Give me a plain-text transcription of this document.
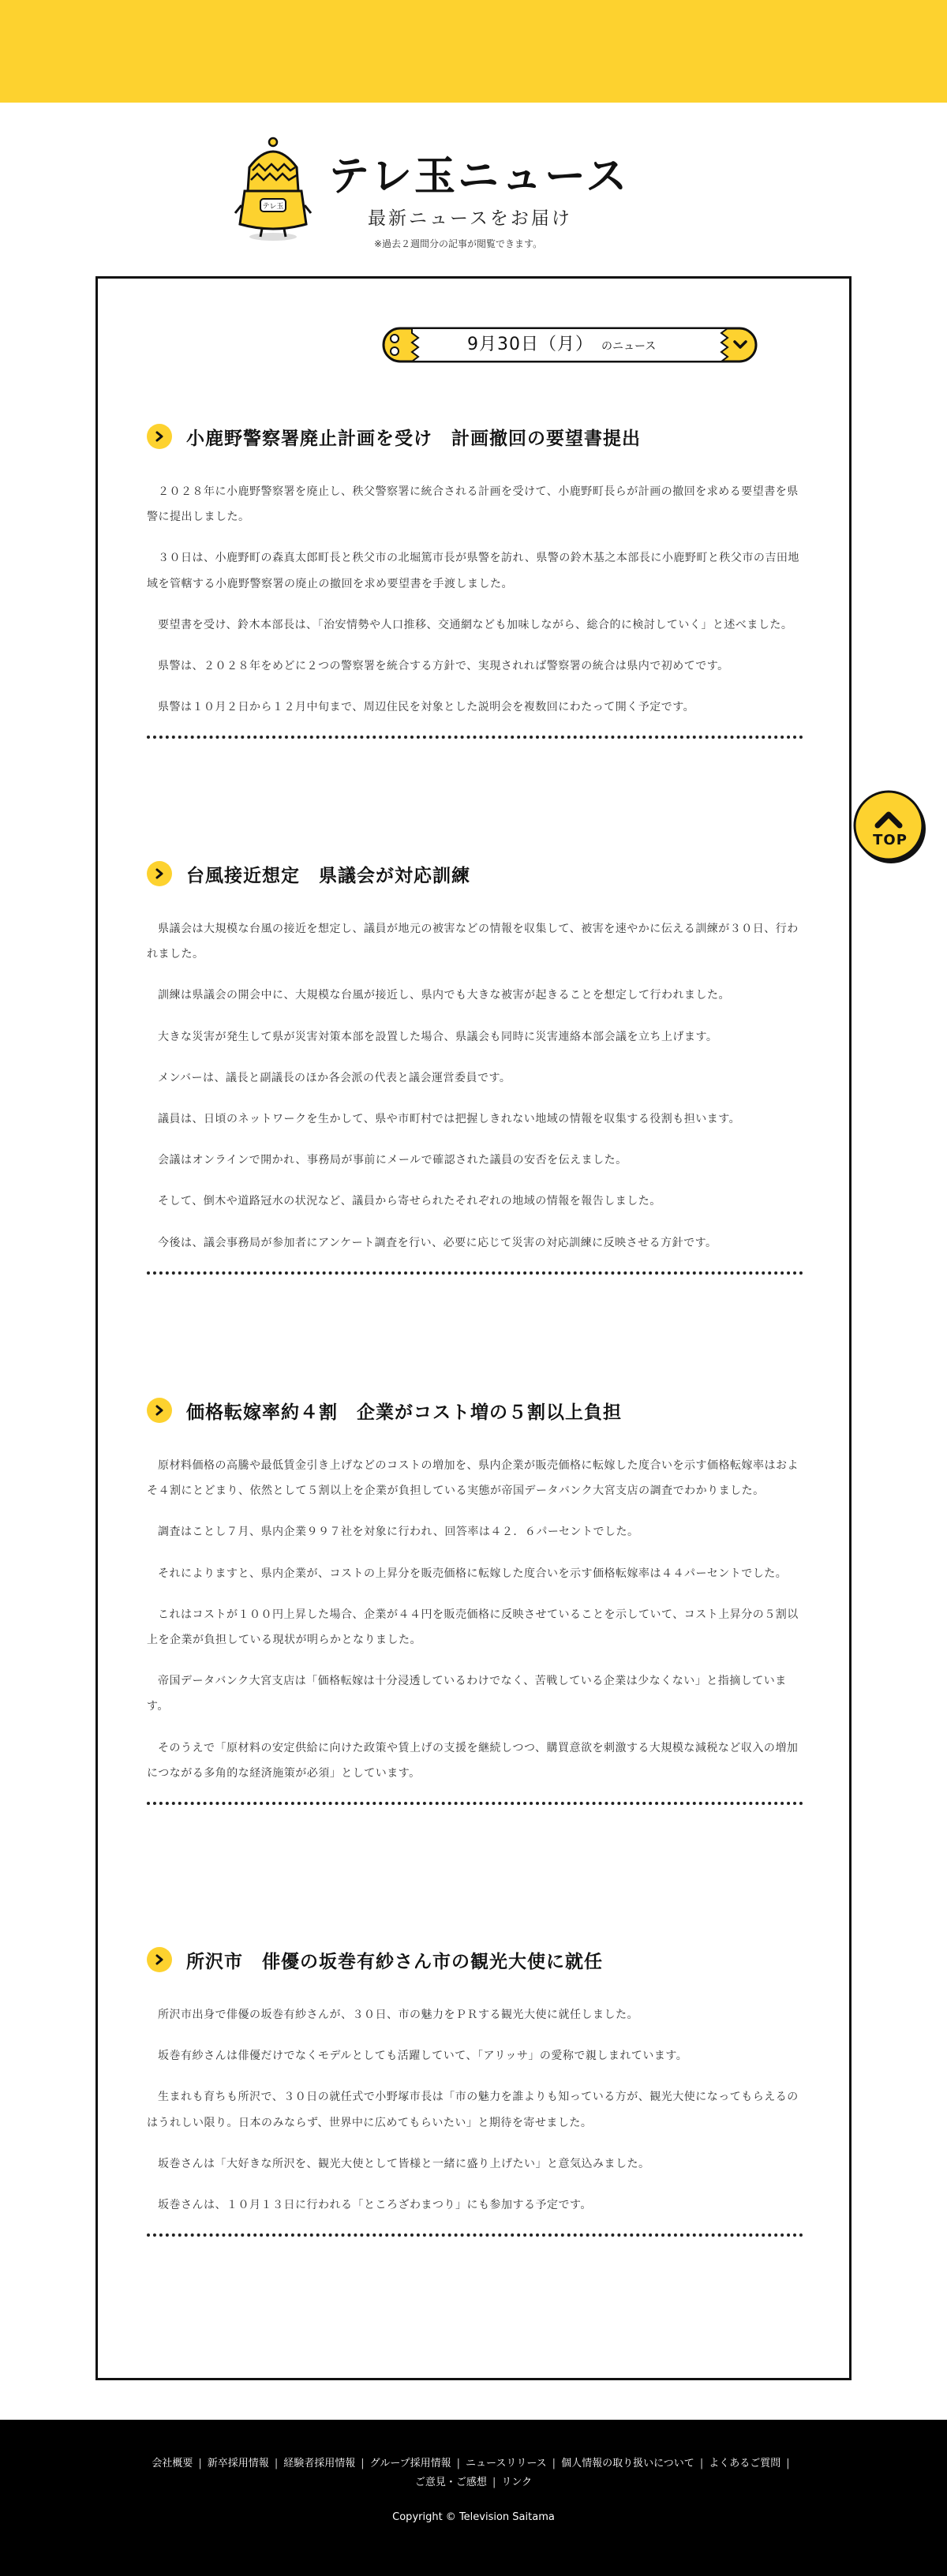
テレ玉
テレ玉ニュース
最新ニュースをお届け
※過去２週間分の記事が閲覧できます。
9月30日（月） のニュース
小鹿野警察署廃止計画を受け　計画撤回の要望書提出

２０２８年に小鹿野警察署を廃止し、秩父警察署に統合される計画を受けて、小鹿野町長らが計画の撤回を求める要望書を県警に提出しました。

３０日は、小鹿野町の森真太郎町長と秩父市の北堀篤市長が県警を訪れ、県警の鈴木基之本部長に小鹿野町と秩父市の吉田地域を管轄する小鹿野警察署の廃止の撤回を求め要望書を手渡しました。

要望書を受け、鈴木本部長は、「治安情勢や人口推移、交通網なども加味しながら、総合的に検討していく」と述べました。

県警は、２０２８年をめどに２つの警察署を統合する方針で、実現されれば警察署の統合は県内で初めてです。

県警は１０月２日から１２月中旬まで、周辺住民を対象とした説明会を複数回にわたって開く予定です。

台風接近想定　県議会が対応訓練

県議会は大規模な台風の接近を想定し、議員が地元の被害などの情報を収集して、被害を速やかに伝える訓練が３０日、行われました。

訓練は県議会の開会中に、大規模な台風が接近し、県内でも大きな被害が起きることを想定して行われました。

大きな災害が発生して県が災害対策本部を設置した場合、県議会も同時に災害連絡本部会議を立ち上げます。

メンバーは、議長と副議長のほか各会派の代表と議会運営委員です。

議員は、日頃のネットワークを生かして、県や市町村では把握しきれない地域の情報を収集する役割も担います。

会議はオンラインで開かれ、事務局が事前にメールで確認された議員の安否を伝えました。

そして、倒木や道路冠水の状況など、議員から寄せられたそれぞれの地域の情報を報告しました。

今後は、議会事務局が参加者にアンケート調査を行い、必要に応じて災害の対応訓練に反映させる方針です。

価格転嫁率約４割　企業がコスト増の５割以上負担

原材料価格の高騰や最低賃金引き上げなどのコストの増加を、県内企業が販売価格に転嫁した度合いを示す価格転嫁率はおよそ４割にとどまり、依然として５割以上を企業が負担している実態が帝国データバンク大宮支店の調査でわかりました。

調査はことし７月、県内企業９９７社を対象に行われ、回答率は４２．６パーセントでした。

それによりますと、県内企業が、コストの上昇分を販売価格に転嫁した度合いを示す価格転嫁率は４４パーセントでした。

これはコストが１００円上昇した場合、企業が４４円を販売価格に反映させていることを示していて、コスト上昇分の５割以上を企業が負担している現状が明らかとなりました。

帝国データバンク大宮支店は「価格転嫁は十分浸透しているわけでなく、苦戦している企業は少なくない」と指摘しています。

そのうえで「原材料の安定供給に向けた政策や賃上げの支援を継続しつつ、購買意欲を刺激する大規模な減税など収入の増加につながる多角的な経済施策が必須」としています。

所沢市　俳優の坂巻有紗さん市の観光大使に就任

所沢市出身で俳優の坂巻有紗さんが、３０日、市の魅力をＰＲする観光大使に就任しました。

坂巻有紗さんは俳優だけでなくモデルとしても活躍していて、「アリッサ」の愛称で親しまれています。

生まれも育ちも所沢で、３０日の就任式で小野塚市長は「市の魅力を誰よりも知っている方が、観光大使になってもらえるのはうれしい限り。日本のみならず、世界中に広めてもらいたい」と期待を寄せました。

坂巻さんは「大好きな所沢を、観光大使として皆様と一緒に盛り上げたい」と意気込みました。

坂巻さんは、１０月１３日に行われる「ところざわまつり」にも参加する予定です。

TOP
会社概要 | 新卒採用情報 | 経験者採用情報 | グループ採用情報 | ニュースリリース | 個人情報の取り扱いについて | よくあるご質問 |
ご意見・ご感想 | リンク
Copyright © Television Saitama
